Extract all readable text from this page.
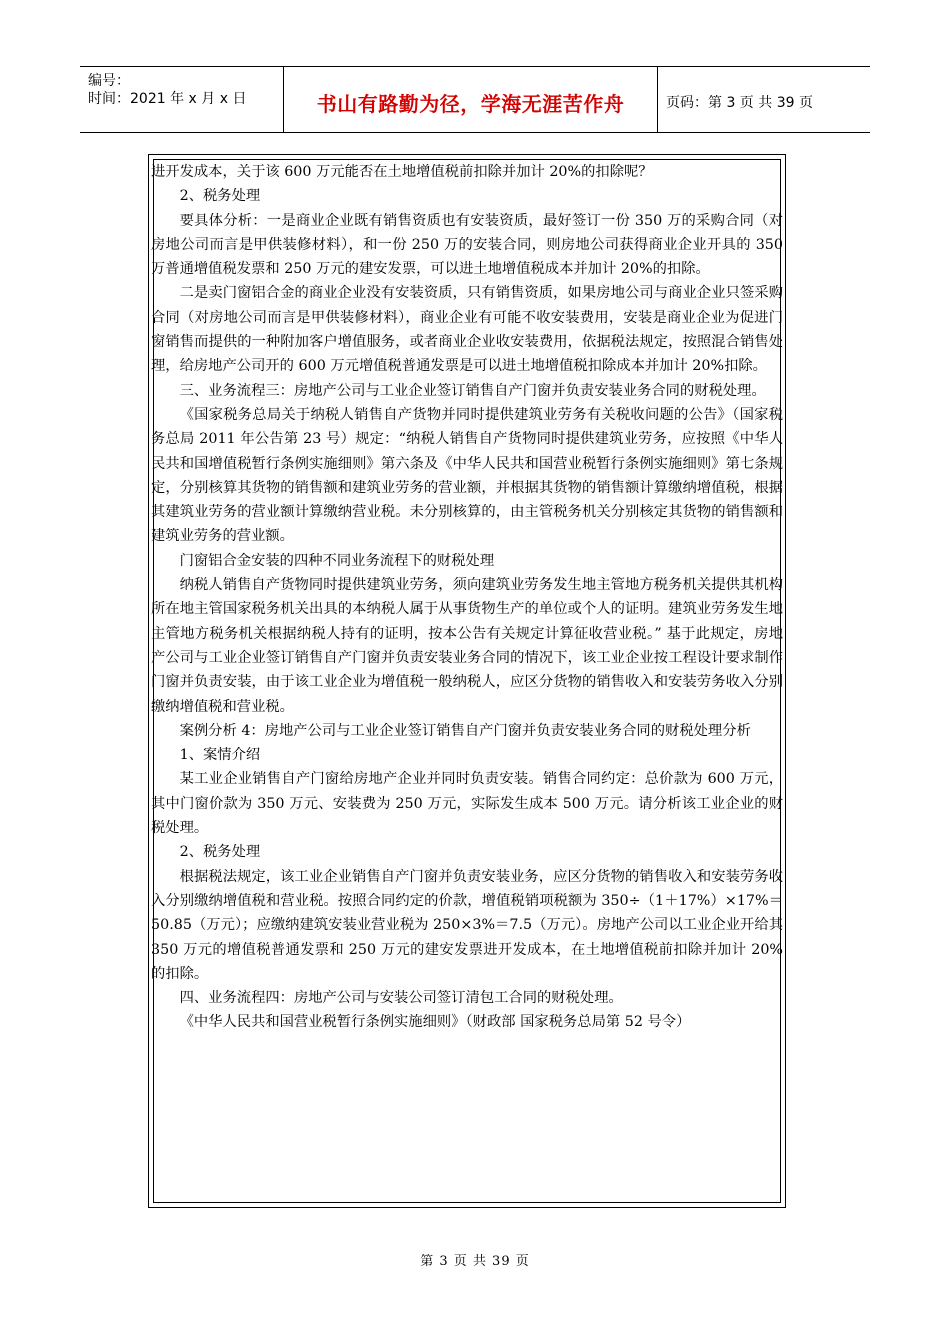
编号：
时间：2021 年 x 月 x 日	书山有路勤为径，学海无涯苦作舟	页码：第 3 页 共 39 页

进开发成本，关于该 600 万元能否在土地增值税前扣除并加计 20%的扣除呢？

2、税务处理

要具体分析：一是商业企业既有销售资质也有安装资质，最好签订一份 350 万的采购合同（对房地公司而言是甲供装修材料），和一份 250 万的安装合同，则房地公司获得商业企业开具的 350 万普通增值税发票和 250 万元的建安发票，可以进土地增值税成本并加计 20%的扣除。

二是卖门窗铝合金的商业企业没有安装资质，只有销售资质，如果房地公司与商业企业只签采购合同（对房地公司而言是甲供装修材料），商业企业有可能不收安装费用，安装是商业企业为促进门窗销售而提供的一种附加客户增值服务，或者商业企业收安装费用，依据税法规定，按照混合销售处理，给房地产公司开的 600 万元增值税普通发票是可以进土地增值税扣除成本并加计 20%扣除。

三、业务流程三：房地产公司与工业企业签订销售自产门窗并负责安装业务合同的财税处理。

《国家税务总局关于纳税人销售自产货物并同时提供建筑业劳务有关税收问题的公告》（国家税务总局 2011 年公告第 23 号）规定：“纳税人销售自产货物同时提供建筑业劳务，应按照《中华人民共和国增值税暂行条例实施细则》第六条及《中华人民共和国营业税暂行条例实施细则》第七条规定，分别核算其货物的销售额和建筑业劳务的营业额，并根据其货物的销售额计算缴纳增值税，根据其建筑业劳务的营业额计算缴纳营业税。未分别核算的，由主管税务机关分别核定其货物的销售额和建筑业劳务的营业额。

门窗铝合金安装的四种不同业务流程下的财税处理

纳税人销售自产货物同时提供建筑业劳务，须向建筑业劳务发生地主管地方税务机关提供其机构所在地主管国家税务机关出具的本纳税人属于从事货物生产的单位或个人的证明。建筑业劳务发生地主管地方税务机关根据纳税人持有的证明，按本公告有关规定计算征收营业税。” 基于此规定，房地产公司与工业企业签订销售自产门窗并负责安装业务合同的情况下，该工业企业按工程设计要求制作门窗并负责安装，由于该工业企业为增值税一般纳税人，应区分货物的销售收入和安装劳务收入分别缴纳增值税和营业税。

案例分析 4：房地产公司与工业企业签订销售自产门窗并负责安装业务合同的财税处理分析

1、案情介绍

某工业企业销售自产门窗给房地产企业并同时负责安装。销售合同约定：总价款为 600 万元，其中门窗价款为 350 万元、安装费为 250 万元，实际发生成本 500 万元。请分析该工业企业的财税处理。

2、税务处理

根据税法规定，该工业企业销售自产门窗并负责安装业务，应区分货物的销售收入和安装劳务收入分别缴纳增值税和营业税。按照合同约定的价款，增值税销项税额为 350÷（1＋17%）×17%＝50.85（万元）；应缴纳建筑安装业营业税为 250×3%＝7.5（万元）。房地产公司以工业企业开给其 350 万元的增值税普通发票和 250 万元的建安发票进开发成本，在土地增值税前扣除并加计 20%的扣除。

四、业务流程四：房地产公司与安装公司签订清包工合同的财税处理。

《中华人民共和国营业税暂行条例实施细则》（财政部 国家税务总局第 52 号令）

第 3 页 共 39 页
